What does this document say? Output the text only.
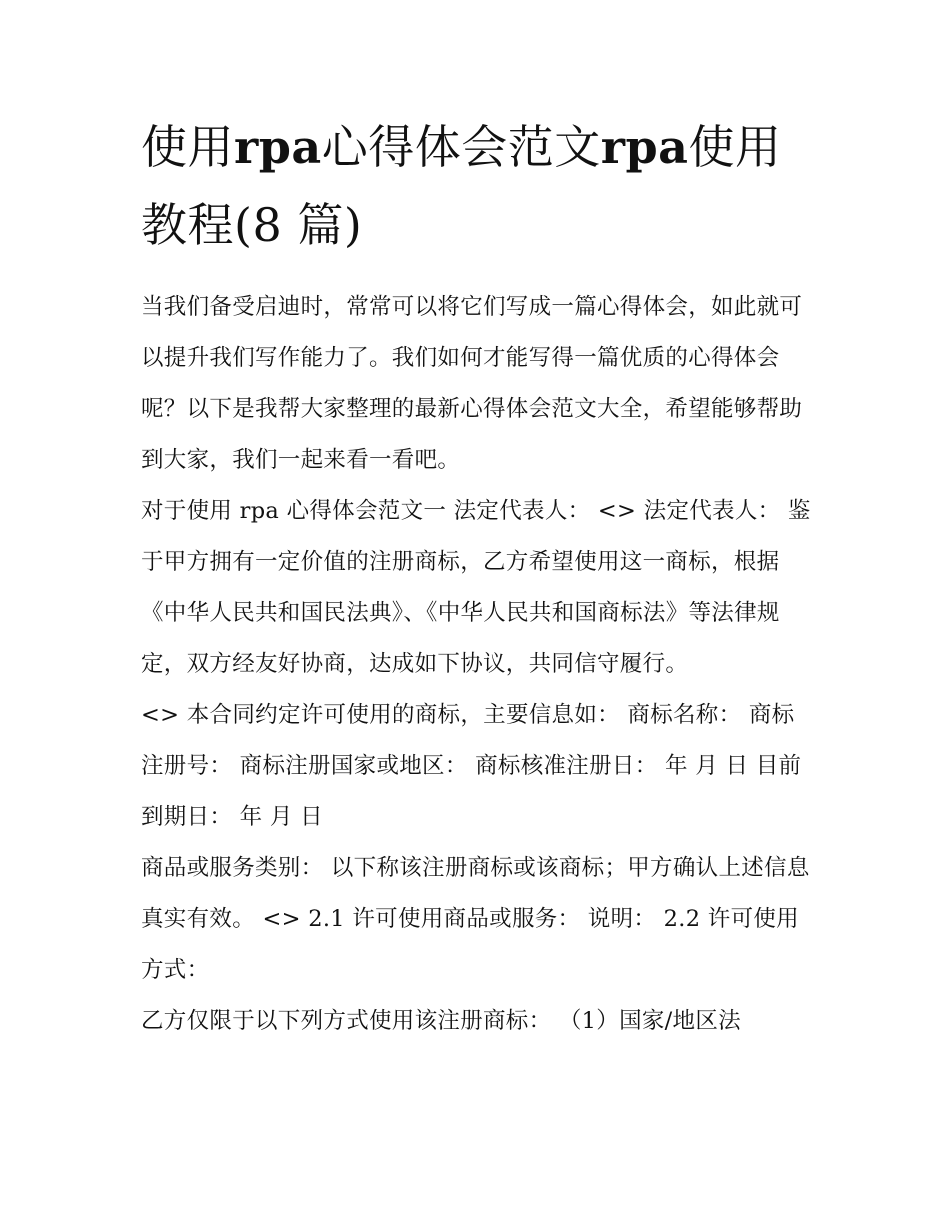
使用rpa心得体会范文rpa使用教程(8 篇)

当我们备受启迪时，常常可以将它们写成一篇心得体会，如此就可以提升我们写作能力了。我们如何才能写得一篇优质的心得体会呢？以下是我帮大家整理的最新心得体会范文大全，希望能够帮助到大家，我们一起来看一看吧。

对于使用 rpa 心得体会范文一 法定代表人： <> 法定代表人： 鉴于甲方拥有一定价值的注册商标，乙方希望使用这一商标，根据《中华人民共和国民法典》、《中华人民共和国商标法》等法律规定，双方经友好协商，达成如下协议，共同信守履行。

<> 本合同约定许可使用的商标，主要信息如： 商标名称： 商标注册号： 商标注册国家或地区： 商标核准注册日： 年 月 日 目前到期日： 年 月 日

商品或服务类别： 以下称该注册商标或该商标；甲方确认上述信息真实有效。 <> 2.1 许可使用商品或服务： 说明： 2.2 许可使用方式：

乙方仅限于以下列方式使用该注册商标： （1）国家/地区法
